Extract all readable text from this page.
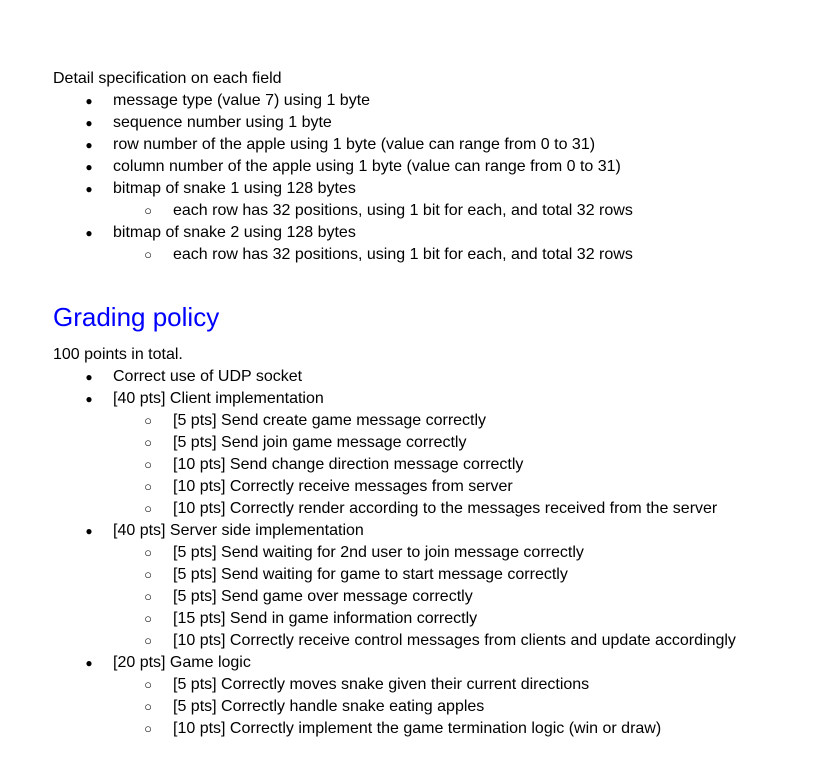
Detail specification on each field
● message type (value 7) using 1 byte
● sequence number using 1 byte
● row number of the apple using 1 byte (value can range from 0 to 31)
● column number of the apple using 1 byte (value can range from 0 to 31)
● bitmap of snake 1 using 128 bytes
○ each row has 32 positions, using 1 bit for each, and total 32 rows
● bitmap of snake 2 using 128 bytes
○ each row has 32 positions, using 1 bit for each, and total 32 rows
Grading policy
100 points in total.
● Correct use of UDP socket
● [40 pts] Client implementation
○ [5 pts] Send create game message correctly
○ [5 pts] Send join game message correctly
○ [10 pts] Send change direction message correctly
○ [10 pts] Correctly receive messages from server
○ [10 pts] Correctly render according to the messages received from the server
● [40 pts] Server side implementation
○ [5 pts] Send waiting for 2nd user to join message correctly
○ [5 pts] Send waiting for game to start message correctly
○ [5 pts] Send game over message correctly
○ [15 pts] Send in game information correctly
○ [10 pts] Correctly receive control messages from clients and update accordingly
● [20 pts] Game logic
○ [5 pts] Correctly moves snake given their current directions
○ [5 pts] Correctly handle snake eating apples
○ [10 pts] Correctly implement the game termination logic (win or draw)
